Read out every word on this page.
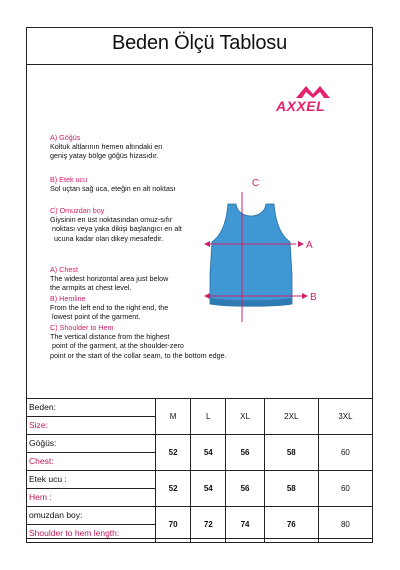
Beden Ölçü Tablosu
AXXEL
A) Göğüs
Koltuk altlarının hemen altındaki en
geniş yatay bölge göğüs hizasıdır.
B) Etek ucu
Sol uçtan sağ uca, eteğin en alt noktası
C) Omuzdan boy
Giysinin en üst noktasından omuz-sıfır
noktası veya yaka dikişi başlangıcı en alt
ucuna kadar olan dikey mesafedir.
A) Chest
The widest horizontal area just below
the armpits at chest level.
B) Hemline
From the left end to the right end, the
lowest point of the garment.
C) Shoulder to Hem
The vertical distance from the highest
point of the garment, at the shoulder-zero
point or the start of the collar seam, to the bottom edge.
C
A
B
Beden:
Size:	M	L	XL	2XL	3XL

Göğüs:
Chest:	52	54	56	58	60

Etek ucu :
Hem :	52	54	56	58	60

omuzdan boy:
Shoulder to hem length:	70	72	74	76	80
